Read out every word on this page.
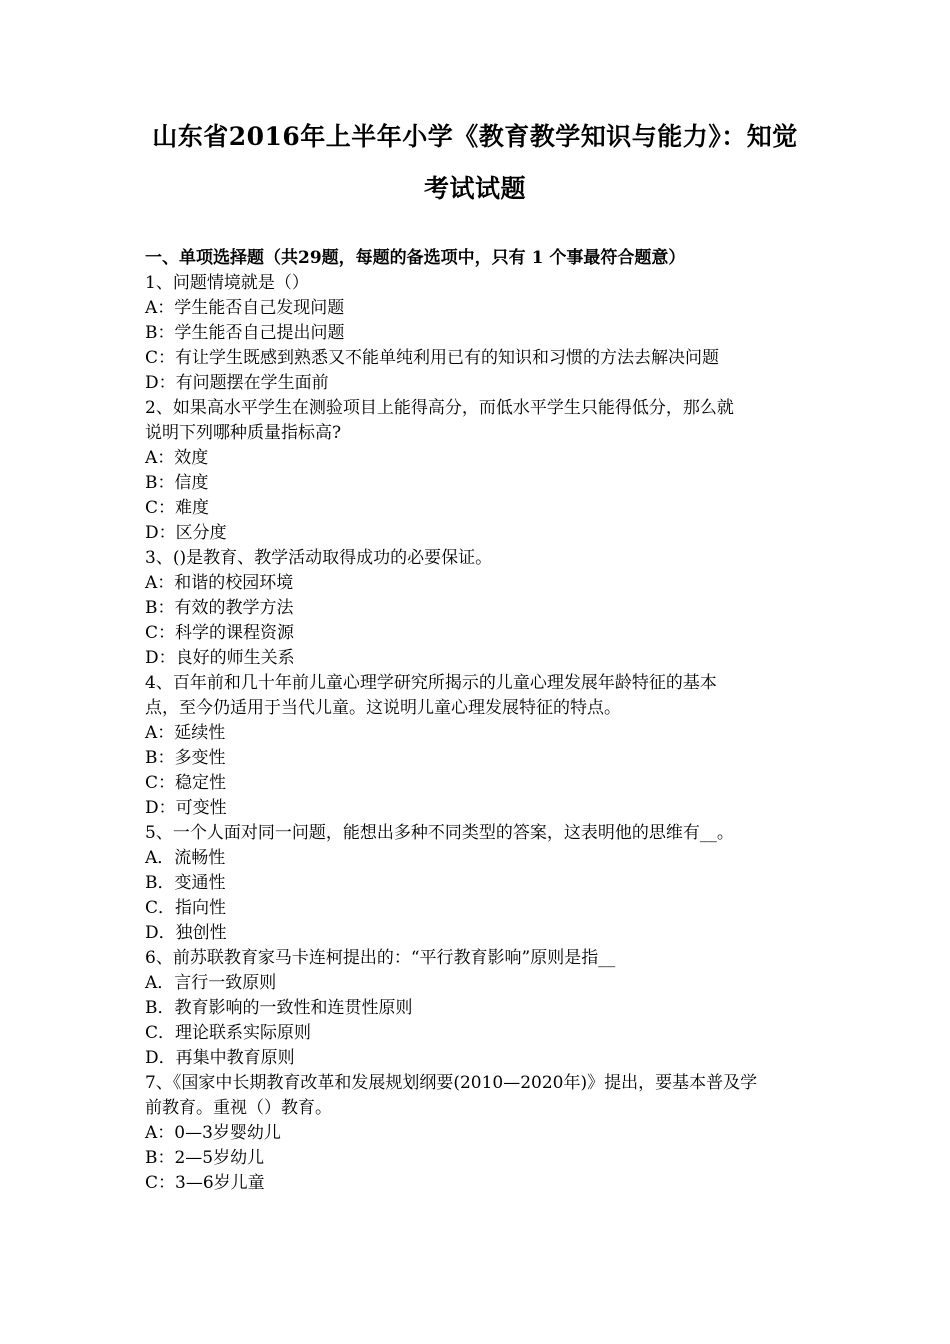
山东省2016年上半年小学《教育教学知识与能力》：知觉
考试试题
一、单项选择题（共29题，每题的备选项中，只有 1 个事最符合题意）
1、问题情境就是（）
A：学生能否自己发现问题
B：学生能否自己提出问题
C：有让学生既感到熟悉又不能单纯利用已有的知识和习惯的方法去解决问题
D：有问题摆在学生面前
2、如果高水平学生在测验项目上能得高分，而低水平学生只能得低分，那么就
说明下列哪种质量指标高?
A：效度
B：信度
C：难度
D：区分度
3、()是教育、教学活动取得成功的必要保证。
A：和谐的校园环境
B：有效的教学方法
C：科学的课程资源
D：良好的师生关系
4、百年前和几十年前儿童心理学研究所揭示的儿童心理发展年龄特征的基本
点，至今仍适用于当代儿童。这说明儿童心理发展特征的特点。
A：延续性
B：多变性
C：稳定性
D：可变性
5、一个人面对同一问题，能想出多种不同类型的答案，这表明他的思维有__。
A．流畅性
B．变通性
C．指向性
D．独创性
6、前苏联教育家马卡连柯提出的：“平行教育影响”原则是指__
A．言行一致原则
B．教育影响的一致性和连贯性原则
C．理论联系实际原则
D．再集中教育原则
7、《国家中长期教育改革和发展规划纲要(2010—2020年)》提出，要基本普及学
前教育。重视（）教育。
A：0—3岁婴幼儿
B：2—5岁幼儿
C：3—6岁儿童
